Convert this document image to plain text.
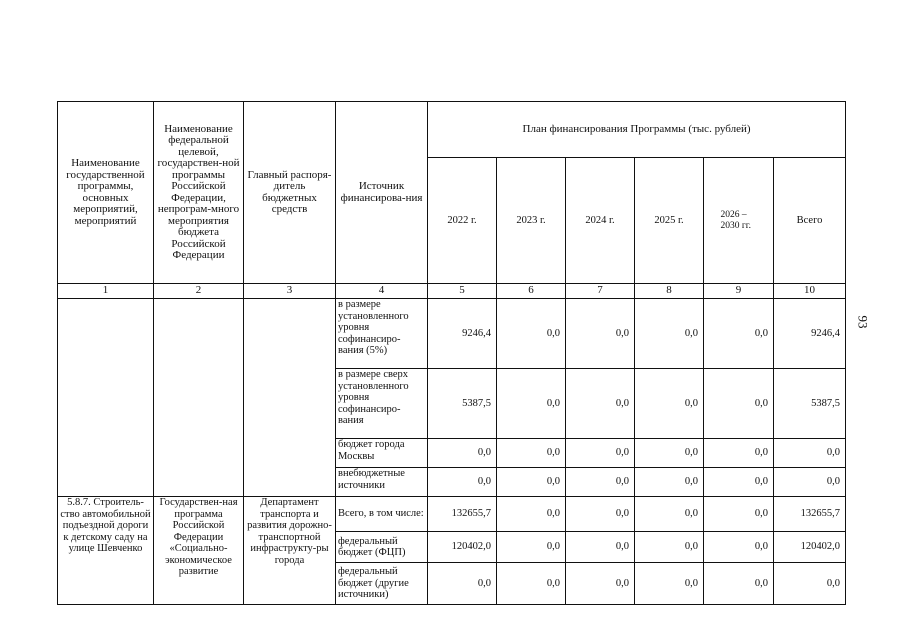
93
Наименование государственной программы, основных мероприятий, мероприятий	Наименование федеральной целевой, государствен-ной программы Российской Федерации, непрограм-много мероприятия бюджета Российской Федерации	Главный распоря-дитель бюджетных средств	Источник финансирова-ния	План финансирования Программы (тыс. рублей)					
				2022 г.	2023 г.	2024 г.	2025 г.	2026 – 2030 гг.	Всего
1	2	3	4	5	6	7	8	9	10
			в размере установленного уровня софинансиро-вания (5%)	9246,4	0,0	0,0	0,0	0,0	9246,4
			в размере сверх установленного уровня софинансиро-вания	5387,5	0,0	0,0	0,0	0,0	5387,5
			бюджет города Москвы	0,0	0,0	0,0	0,0	0,0	0,0
			внебюджетные источники	0,0	0,0	0,0	0,0	0,0	0,0
5.8.7. Строитель-ство автомобильной подъездной дороги к детскому саду на улице Шевченко	Государствен-ная программа Российской Федерации «Социально-экономическое развитие	Департамент транспорта и развития дорожно-транспортной инфраструкту-ры города	Всего, в том числе:	132655,7	0,0	0,0	0,0	0,0	132655,7
			федеральный бюджет (ФЦП)	120402,0	0,0	0,0	0,0	0,0	120402,0
			федеральный бюджет (другие источники)	0,0	0,0	0,0	0,0	0,0	0,0
